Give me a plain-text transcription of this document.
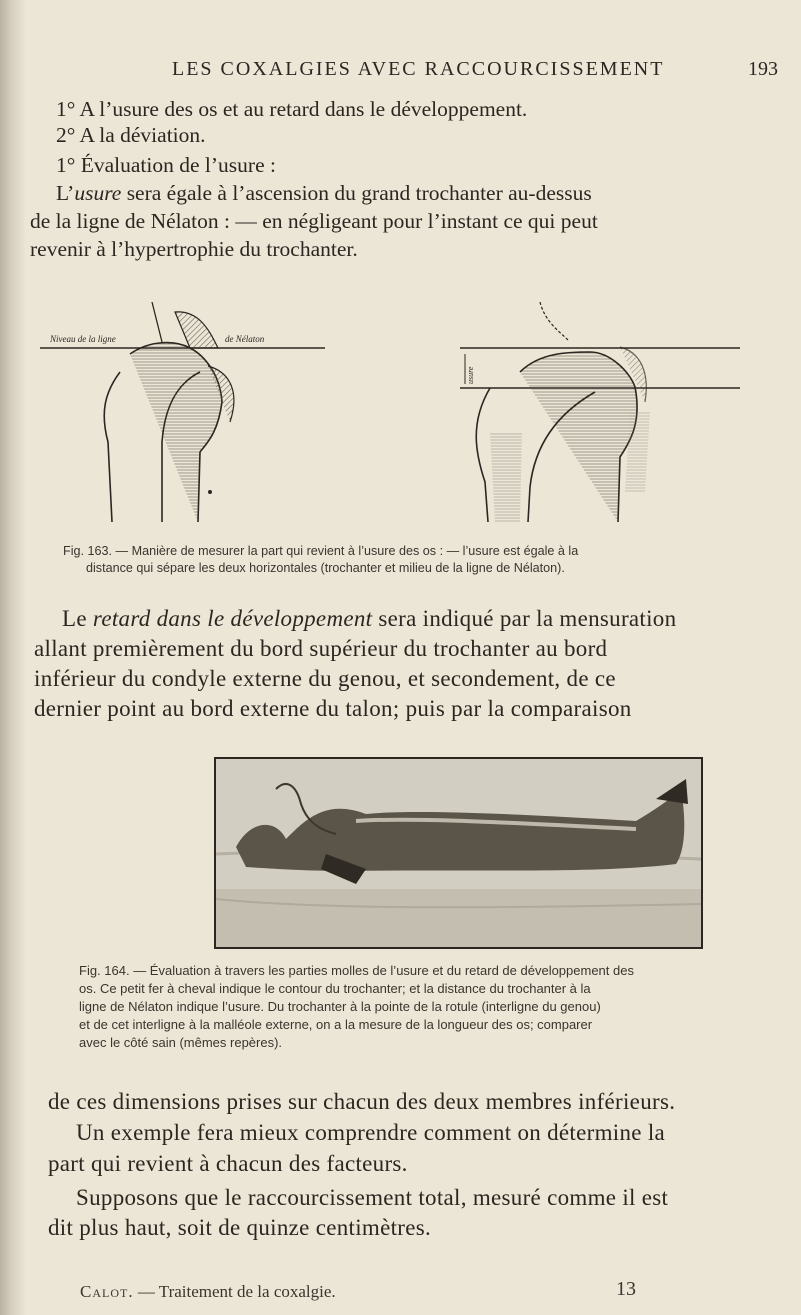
LES COXALGIES AVEC RACCOURCISSEMENT	193
1° A l’usure des os et au retard dans le développement.
2° A la déviation.
1° Évaluation de l’usure :
L’usure sera égale à l’ascension du grand trochanter au-dessus
de la ligne de Nélaton : — en négligeant pour l’instant ce qui peut
revenir à l’hypertrophie du trochanter.
Niveau de la ligne	de Nélaton
usure
Fig. 163. — Manière de mesurer la part qui revient à l’usure des os : — l’usure est égale à la
distance qui sépare les deux horizontales (trochanter et milieu de la ligne de Nélaton).
Le retard dans le développement sera indiqué par la mensuration
allant premièrement du bord supérieur du trochanter au bord
inférieur du condyle externe du genou, et secondement, de ce
dernier point au bord externe du talon; puis par la comparaison
Fig. 164. — Évaluation à travers les parties molles de l’usure et du retard de développement des
os. Ce petit fer à cheval indique le contour du trochanter; et la distance du trochanter à la
ligne de Nélaton indique l’usure. Du trochanter à la pointe de la rotule (interligne du genou)
et de cet interligne à la malléole externe, on a la mesure de la longueur des os; comparer
avec le côté sain (mêmes repères).
de ces dimensions prises sur chacun des deux membres inférieurs.
Un exemple fera mieux comprendre comment on détermine la
part qui revient à chacun des facteurs.
Supposons que le raccourcissement total, mesuré comme il est
dit plus haut, soit de quinze centimètres.
Calot. — Traitement de la coxalgie.	13
